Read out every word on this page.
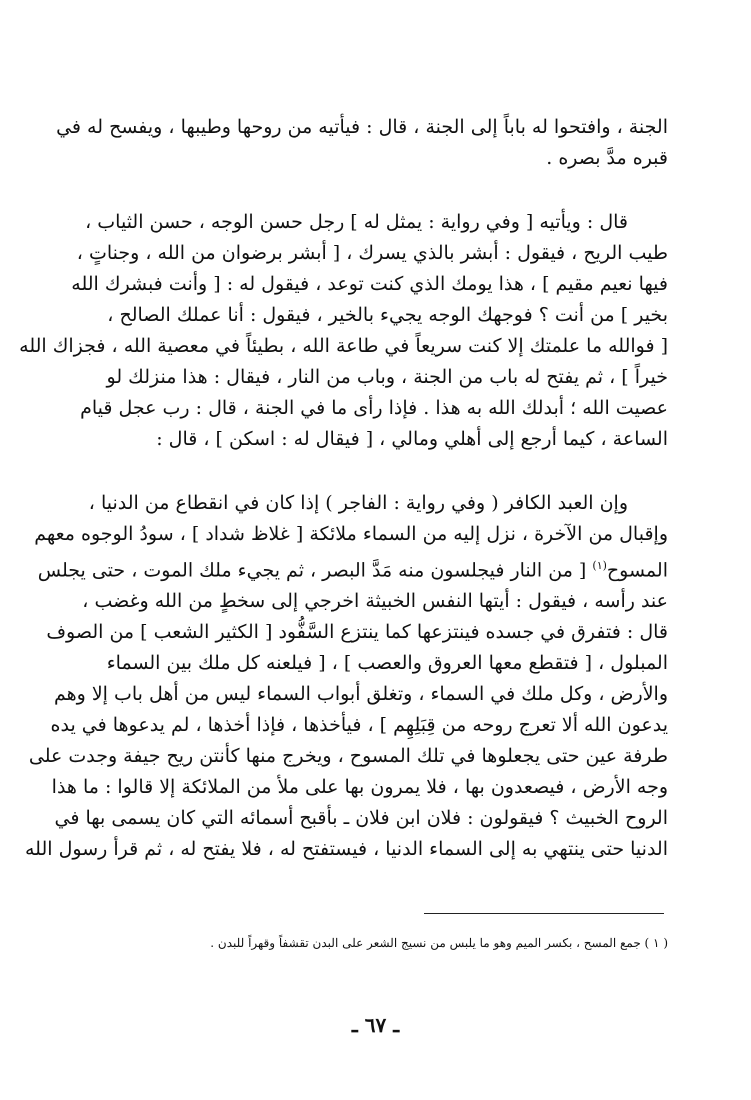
الجنة ، وافتحوا له باباً إلى الجنة ، قال : فيأتيه من روحها وطيبها ، ويفسح له في
قبره مدَّ بصره .
قال : ويأتيه [ وفي رواية : يمثل له ] رجل حسن الوجه ، حسن الثياب ،
طيب الريح ، فيقول : أبشر بالذي يسرك ، [ أبشر برضوان من الله ، وجناتٍ ،
فيها نعيم مقيم ] ، هذا يومك الذي كنت توعد ، فيقول له : [ وأنت فبشرك الله
بخير ] من أنت ؟ فوجهك الوجه يجيء بالخير ، فيقول : أنا عملك الصالح ،
[ فوالله ما علمتك إلا كنت سريعاً في طاعة الله ، بطيئاً في معصية الله ، فجزاك الله
خيراً ] ، ثم يفتح له باب من الجنة ، وباب من النار ، فيقال : هذا منزلك لو
عصيت الله ؛ أبدلك الله به هذا . فإذا رأى ما في الجنة ، قال : رب عجل قيام
الساعة ، كيما أرجع إلى أهلي ومالي ، [ فيقال له : اسكن ] ، قال :
وإن العبد الكافر ( وفي رواية : الفاجر ) إذا كان في انقطاع من الدنيا ،
وإقبال من الآخرة ، نزل إليه من السماء ملائكة [ غلاظ شداد ] ، سودُ الوجوه معهم
المسوح$^{(١)}$ [ من النار فيجلسون منه مَدَّ البصر ، ثم يجيء ملك الموت ، حتى يجلس
عند رأسه ، فيقول : أيتها النفس الخبيثة اخرجي إلى سخطٍ من الله وغضب ،
قال : فتفرق في جسده فينتزعها كما ينتزع السَّفُّود [ الكثير الشعب ] من الصوف
المبلول ، [ فتقطع معها العروق والعصب ] ، [ فيلعنه كل ملك بين السماء
والأرض ، وكل ملك في السماء ، وتغلق أبواب السماء ليس من أهل باب إلا وهم
يدعون الله ألا تعرج روحه من قِبَلِهِم ] ، فيأخذها ، فإذا أخذها ، لم يدعوها في يده
طرفة عين حتى يجعلوها في تلك المسوح ، ويخرج منها كأنتن ريح جيفة وجدت على
وجه الأرض ، فيصعدون بها ، فلا يمرون بها على ملأ من الملائكة إلا قالوا : ما هذا
الروح الخبيث ؟ فيقولون : فلان ابن فلان ـ بأقبح أسمائه التي كان يسمى بها في
الدنيا حتى ينتهي به إلى السماء الدنيا ، فيستفتح له ، فلا يفتح له ، ثم قرأ رسول الله
( ١ ) جمع المسح ، بكسر الميم وهو ما يلبس من نسيج الشعر على البدن تقشفاً وقهراً للبدن .
ـ ٦٧ ـ
